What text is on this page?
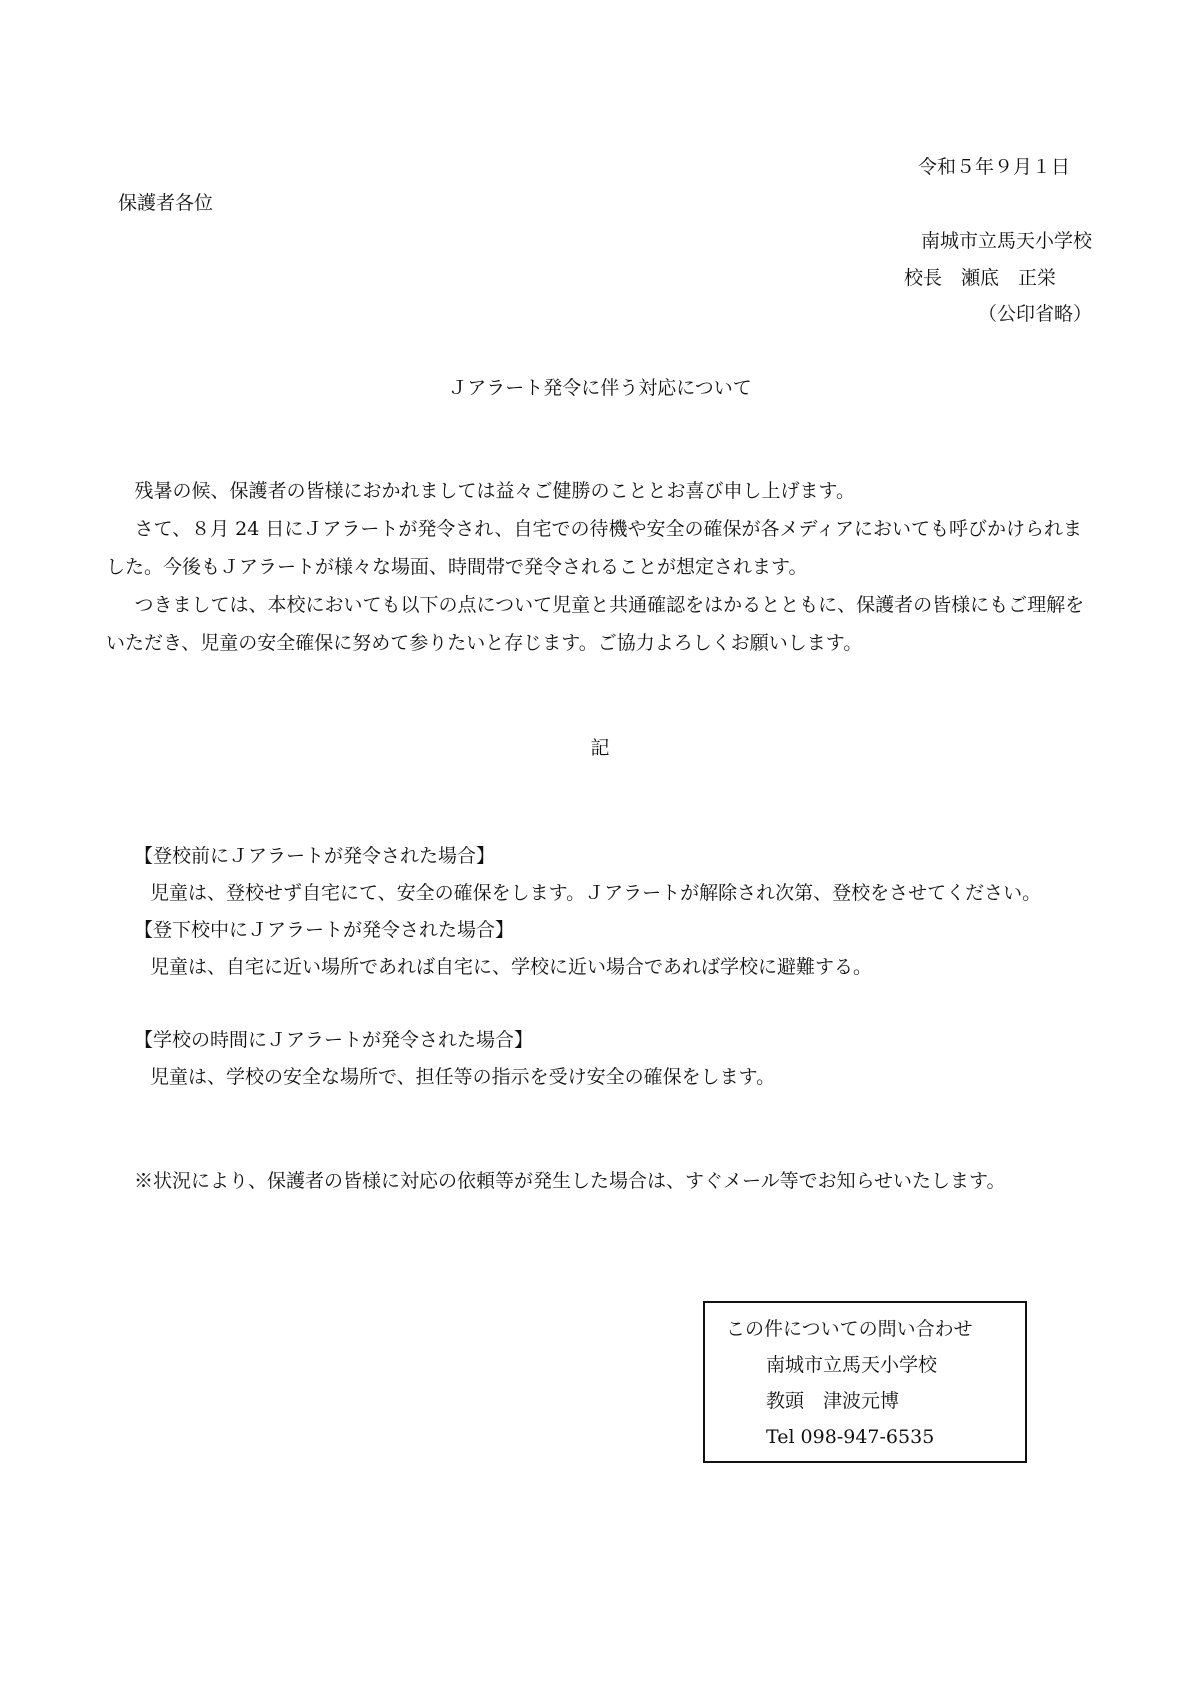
令和５年９月１日
保護者各位
南城市立馬天小学校
校長　瀬底　正栄
（公印省略）
Ｊアラート発令に伴う対応について

残暑の候、保護者の皆様におかれましては益々ご健勝のこととお喜び申し上げます。

さて、８月 24 日にＪアラートが発令され、自宅での待機や安全の確保が各メディアにおいても呼びかけられました。今後もＪアラートが様々な場面、時間帯で発令されることが想定されます。

つきましては、本校においても以下の点について児童と共通確認をはかるとともに、保護者の皆様にもご理解をいただき、児童の安全確保に努めて参りたいと存じます。ご協力よろしくお願いします。

記
【登校前にＪアラートが発令された場合】
児童は、登校せず自宅にて、安全の確保をします。Ｊアラートが解除され次第、登校をさせてください。
【登下校中にＪアラートが発令された場合】
児童は、自宅に近い場所であれば自宅に、学校に近い場合であれば学校に避難する。
【学校の時間にＪアラートが発令された場合】
児童は、学校の安全な場所で、担任等の指示を受け安全の確保をします。
※状況により、保護者の皆様に対応の依頼等が発生した場合は、すぐメール等でお知らせいたします。
この件についての問い合わせ
南城市立馬天小学校
教頭　津波元博
Tel 098-947-6535
